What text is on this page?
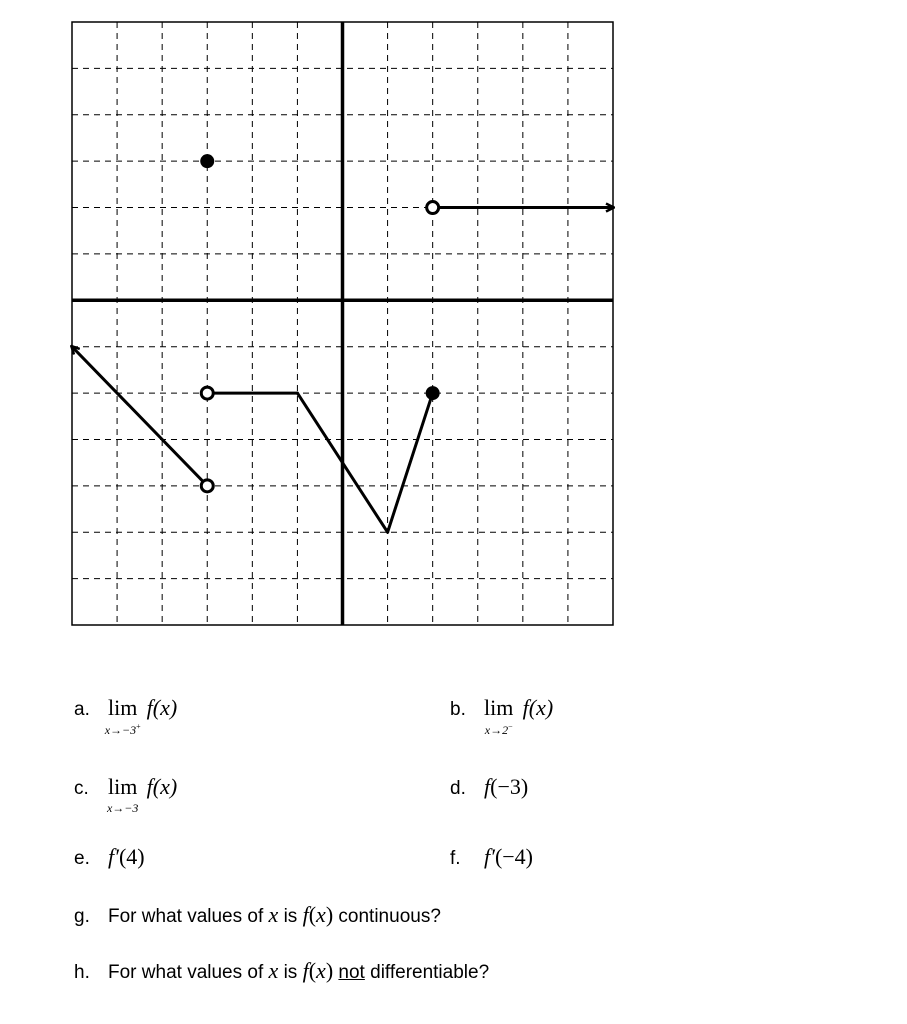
a. lim
x→−3+
f(x)	b. lim
x→2−
f(x)
c. lim
x→−3
f(x)	d. f(−3)
e. f′(4)	f. f′(−4)
g. For what values of x is f(x) continuous?
h. For what values of x is f(x) not differentiable?
